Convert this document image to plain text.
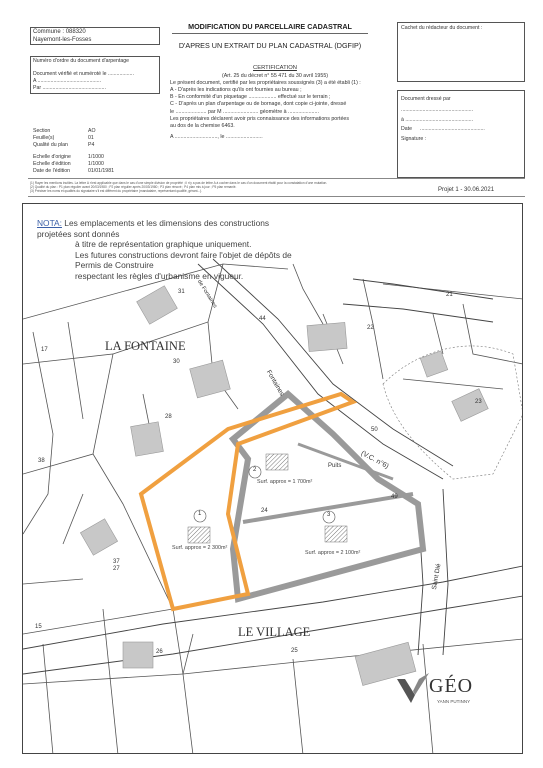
Commune : 088320
Nayemont-les-Fosses
Numéro d'ordre du document d'arpentage
Document vérifié et numéroté le ..................
A ............................................
Par ............................................
Section	AO
Feuille(s)	01
Qualité du plan	P4
Echelle d'origine	1/1000
Echelle d'édition	1/1000
Date de l'édition	01/01/1981
MODIFICATION DU PARCELLAIRE CADASTRAL
D'APRES UN EXTRAIT DU PLAN CADASTRAL (DGFIP)
CERTIFICATION
(Art. 25 du décret n° 55 471 du 30 avril 1955)
Le présent document, certifié par les propriétaires soussignés (3) a été établi (1) :
A - D'après les indications qu'ils ont fournies au bureau ;
B - En conformité d'un piquetage ................... effectué sur le terrain ;
C - D'après un plan d'arpentage ou de bornage, dont copie ci-jointe, dressé
le ..................... par M ........................ géomètre à .....................
Les propriétaires déclarent avoir pris connaissance des informations portées
au dos de la chemise 6463.
A ............................., le .........................
Cachet du rédacteur du document :
Document dressé par
..................................................
à ...............................................
Date .............................................
Signature :
(1) Rayer les mentions inutiles. La lettre A n'est applicable que dans le cas d'une simple division de propriété ; il n'y a pas de lettre A à cocher dans le cas d'un document établi pour la constatation d'une mutation.
(2) Qualité du plan : P1 plan régulier avant 20/03/1980 ; P2 plan régulier après 20/03/1980 ; P3 plan rénové ; P4 plan mis à jour ; P5 plan remanié.
(3) Préciser les noms et qualités du signataire s'il est différent du propriétaire (mandataire, représentant qualifié, gérant...).	Projet 1 - 30.06.2021

NOTA: Les emplacements et les dimensions des constructions projetées sont donnés

à titre de représentation graphique uniquement.

Les futures constructions devront faire l'objet de dépôts de Permis de Construire

respectant les règles d'urbanisme en vigueur.

LA FONTAINE
LE VILLAGE
Fontaines
de Fontaines
(V.C. n°6)
Saint Dié
Puits
1
Surf. approx = 2 300m²
2
Surf. approx = 1 700m²
3
Surf. approx = 2 100m²
31
30
28
21
22
23
50
38
37
27
26	25
24
49
17
15
44
GÉO
YANN PUTINNY
